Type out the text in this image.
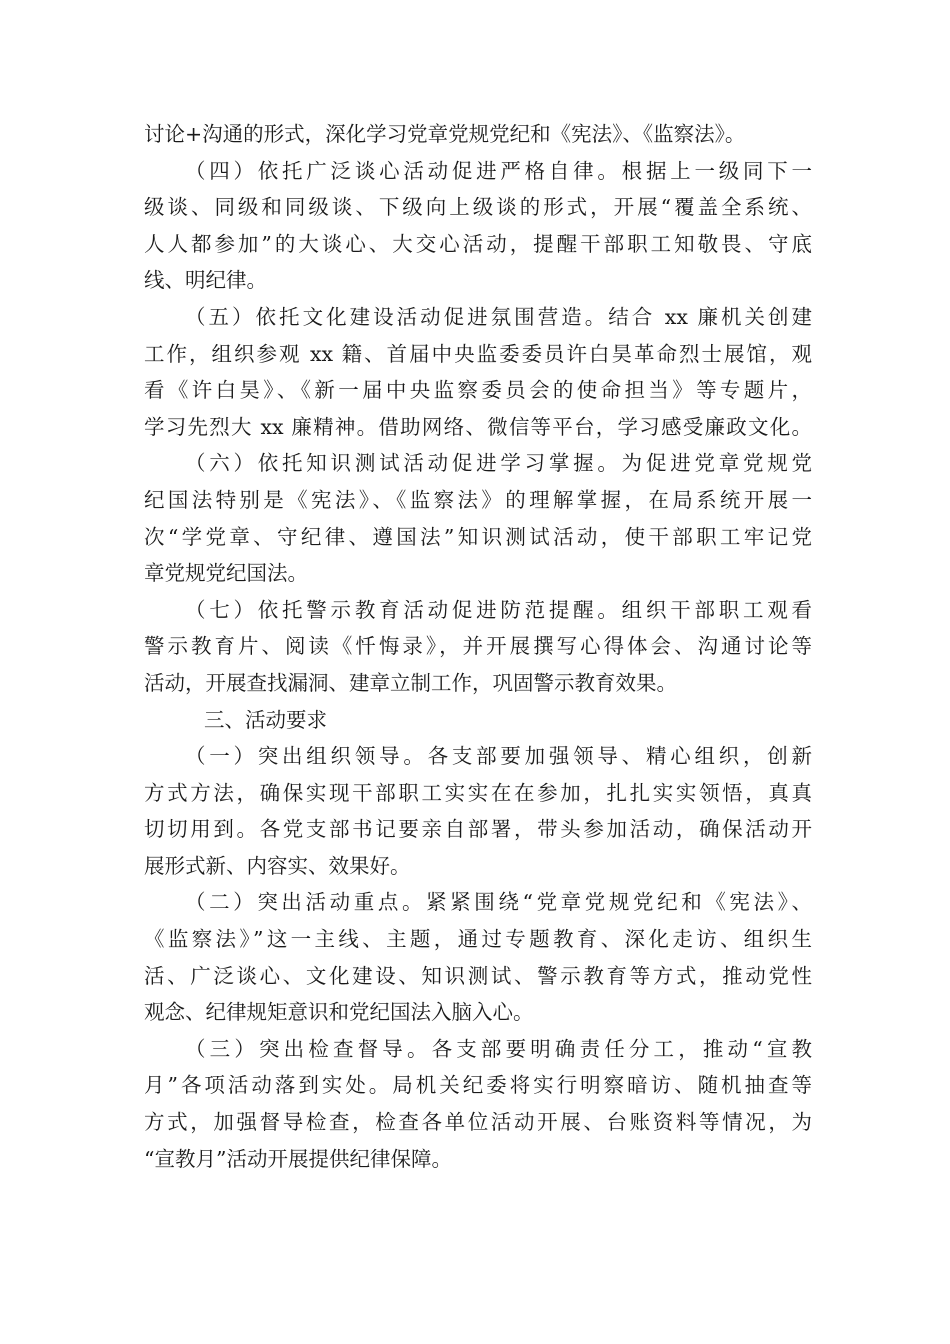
讨论+沟通的形式，深化学习党章党规党纪和《宪法》、《监察法》。
（四）依托广泛谈心活动促进严格自律。根据上一级同下一
级谈、同级和同级谈、下级向上级谈的形式，开展“覆盖全系统、
人人都参加”的大谈心、大交心活动，提醒干部职工知敬畏、守底
线、明纪律。
（五）依托文化建设活动促进氛围营造。结合 xx 廉机关创建
工作，组织参观 xx 籍、首届中央监委委员许白昊革命烈士展馆，观
看《许白昊》、《新一届中央监察委员会的使命担当》等专题片，
学习先烈大 xx 廉精神。借助网络、微信等平台，学习感受廉政文化。
（六）依托知识测试活动促进学习掌握。为促进党章党规党
纪国法特别是《宪法》、《监察法》的理解掌握，在局系统开展一
次“学党章、守纪律、遵国法”知识测试活动，使干部职工牢记党
章党规党纪国法。
（七）依托警示教育活动促进防范提醒。组织干部职工观看
警示教育片、阅读《忏悔录》，并开展撰写心得体会、沟通讨论等
活动，开展查找漏洞、建章立制工作，巩固警示教育效果。
三、活动要求
（一）突出组织领导。各支部要加强领导、精心组织，创新
方式方法，确保实现干部职工实实在在参加，扎扎实实领悟，真真
切切用到。各党支部书记要亲自部署，带头参加活动，确保活动开
展形式新、内容实、效果好。
（二）突出活动重点。紧紧围绕“党章党规党纪和《宪法》、
《监察法》”这一主线、主题，通过专题教育、深化走访、组织生
活、广泛谈心、文化建设、知识测试、警示教育等方式，推动党性
观念、纪律规矩意识和党纪国法入脑入心。
（三）突出检查督导。各支部要明确责任分工，推动“宣教
月”各项活动落到实处。局机关纪委将实行明察暗访、随机抽查等
方式，加强督导检查，检查各单位活动开展、台账资料等情况，为
“宣教月”活动开展提供纪律保障。
